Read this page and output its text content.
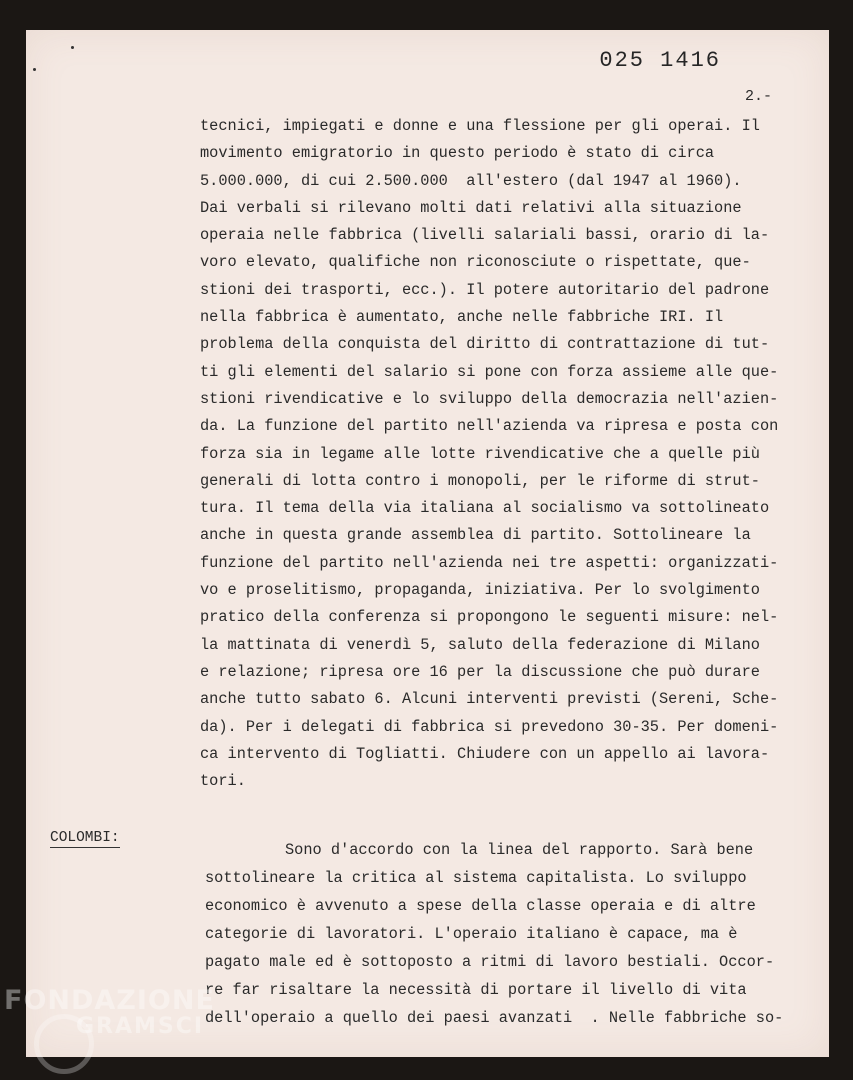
025 1416
2.-
tecnici, impiegati e donne e una flessione per gli operai. Il
movimento emigratorio in questo periodo è stato di circa
5.000.000, di cui 2.500.000  all'estero (dal 1947 al 1960).
Dai verbali si rilevano molti dati relativi alla situazione
operaia nelle fabbrica (livelli salariali bassi, orario di la-
voro elevato, qualifiche non riconosciute o rispettate, que-
stioni dei trasporti, ecc.). Il potere autoritario del padrone
nella fabbrica è aumentato, anche nelle fabbriche IRI. Il
problema della conquista del diritto di contrattazione di tut-
ti gli elementi del salario si pone con forza assieme alle que-
stioni rivendicative e lo sviluppo della democrazia nell'azien-
da. La funzione del partito nell'azienda va ripresa e posta con
forza sia in legame alle lotte rivendicative che a quelle più
generali di lotta contro i monopoli, per le riforme di strut-
tura. Il tema della via italiana al socialismo va sottolineato
anche in questa grande assemblea di partito. Sottolineare la
funzione del partito nell'azienda nei tre aspetti: organizzati-
vo e proselitismo, propaganda, iniziativa. Per lo svolgimento
pratico della conferenza si propongono le seguenti misure: nel-
la mattinata di venerdì 5, saluto della federazione di Milano
e relazione; ripresa ore 16 per la discussione che può durare
anche tutto sabato 6. Alcuni interventi previsti (Sereni, Sche-
da). Per i delegati di fabbrica si prevedono 30-35. Per domeni-
ca intervento di Togliatti. Chiudere con un appello ai lavora-
tori.
COLOMBI:
Sono d'accordo con la linea del rapporto. Sarà bene
sottolineare la critica al sistema capitalista. Lo sviluppo
economico è avvenuto a spese della classe operaia e di altre
categorie di lavoratori. L'operaio italiano è capace, ma è
pagato male ed è sottoposto a ritmi di lavoro bestiali. Occor-
re far risaltare la necessità di portare il livello di vita
dell'operaio a quello dei paesi avanzati  . Nelle fabbriche so-
FONDAZIONE
GRAMSCI
